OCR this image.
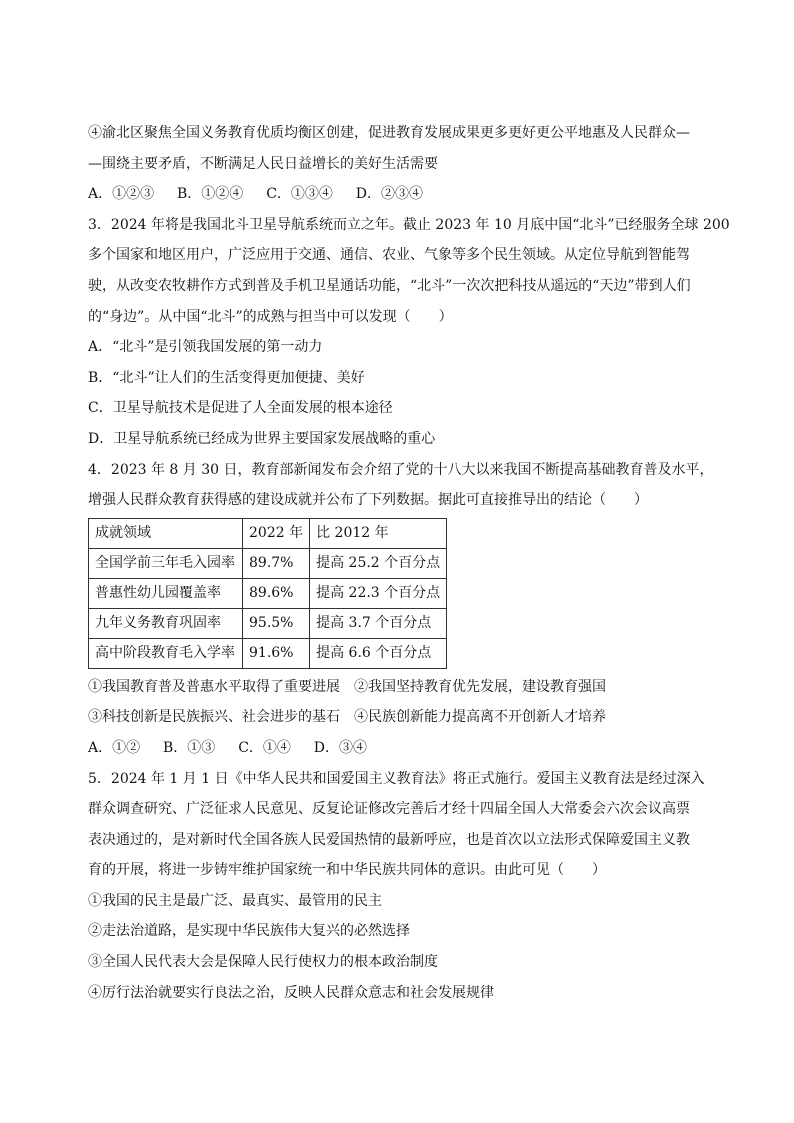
④渝北区聚焦全国义务教育优质均衡区创建，促进教育发展成果更多更好更公平地惠及人民群众—
—围绕主要矛盾，不断满足人民日益增长的美好生活需要
A．①②③　  B．①②④　  C．①③④　  D．②③④
3．2024 年将是我国北斗卫星导航系统而立之年。截止 2023 年 10 月底中国“北斗”已经服务全球 200
多个国家和地区用户，广泛应用于交通、通信、农业、气象等多个民生领域。从定位导航到智能驾
驶，从改变农牧耕作方式到普及手机卫星通话功能，“北斗”一次次把科技从遥远的“天边”带到人们
的“身边”。从中国“北斗”的成熟与担当中可以发现（　　）
A．“北斗”是引领我国发展的第一动力
B．“北斗”让人们的生活变得更加便捷、美好
C．卫星导航技术是促进了人全面发展的根本途径
D．卫星导航系统已经成为世界主要国家发展战略的重心
4．2023 年 8 月 30 日，教育部新闻发布会介绍了党的十八大以来我国不断提高基础教育普及水平，
增强人民群众教育获得感的建设成就并公布了下列数据。据此可直接推导出的结论（　　）
成就领域	2022 年	比 2012 年
全国学前三年毛入园率	89.7%	提高 25.2 个百分点
普惠性幼儿园覆盖率	89.6%	提高 22.3 个百分点
九年义务教育巩固率	95.5%	提高 3.7 个百分点
高中阶段教育毛入学率	91.6%	提高 6.6 个百分点
①我国教育普及普惠水平取得了重要进展　②我国坚持教育优先发展，建设教育强国
③科技创新是民族振兴、社会进步的基石　④民族创新能力提高离不开创新人才培养
A．①②　  B．①③　  C．①④　  D．③④
5．2024 年 1 月 1 日《中华人民共和国爱国主义教育法》将正式施行。爱国主义教育法是经过深入
群众调查研究、广泛征求人民意见、反复论证修改完善后才经十四届全国人大常委会六次会议高票
表决通过的，是对新时代全国各族人民爱国热情的最新呼应，也是首次以立法形式保障爱国主义教
育的开展，将进一步铸牢维护国家统一和中华民族共同体的意识。由此可见（　　）
①我国的民主是最广泛、最真实、最管用的民主
②走法治道路，是实现中华民族伟大复兴的必然选择
③全国人民代表大会是保障人民行使权力的根本政治制度
④厉行法治就要实行良法之治，反映人民群众意志和社会发展规律
